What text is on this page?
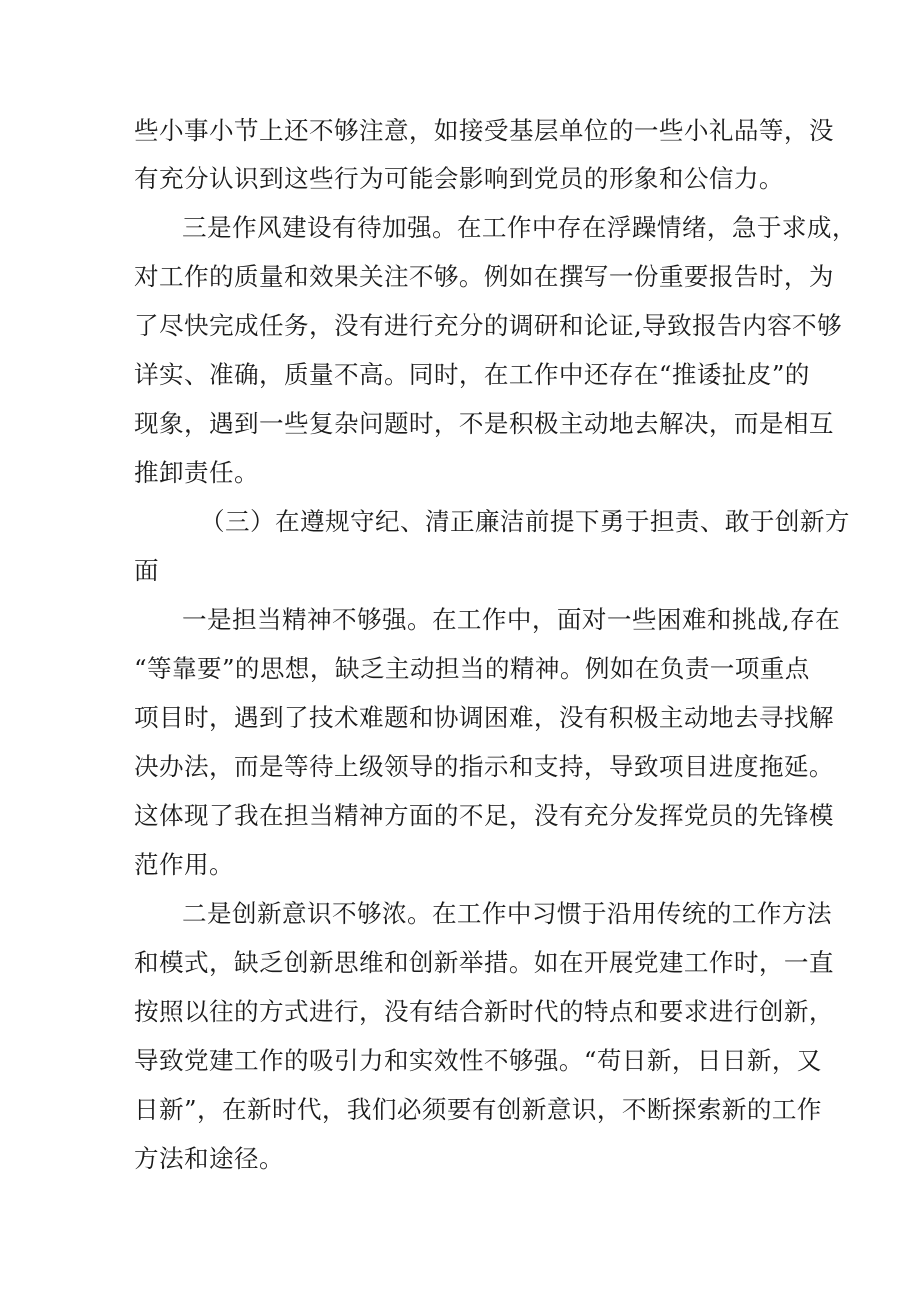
些小事小节上还不够注意，如接受基层单位的一些小礼品等，没
有充分认识到这些行为可能会影响到党员的形象和公信力。
三是作风建设有待加强。在工作中存在浮躁情绪，急于求成，
对工作的质量和效果关注不够。例如在撰写一份重要报告时，为
了尽快完成任务，没有进行充分的调研和论证,导致报告内容不够
详实、准确，质量不高。同时，在工作中还存在“推诿扯皮”的
现象，遇到一些复杂问题时，不是积极主动地去解决，而是相互
推卸责任。
（三）在遵规守纪、清正廉洁前提下勇于担责、敢于创新方
面
一是担当精神不够强。在工作中，面对一些困难和挑战,存在
“等靠要”的思想，缺乏主动担当的精神。例如在负责一项重点
项目时，遇到了技术难题和协调困难，没有积极主动地去寻找解
决办法，而是等待上级领导的指示和支持，导致项目进度拖延。
这体现了我在担当精神方面的不足，没有充分发挥党员的先锋模
范作用。
二是创新意识不够浓。在工作中习惯于沿用传统的工作方法
和模式，缺乏创新思维和创新举措。如在开展党建工作时，一直
按照以往的方式进行，没有结合新时代的特点和要求进行创新，
导致党建工作的吸引力和实效性不够强。“苟日新，日日新，又
日新”，在新时代，我们必须要有创新意识，不断探索新的工作
方法和途径。
